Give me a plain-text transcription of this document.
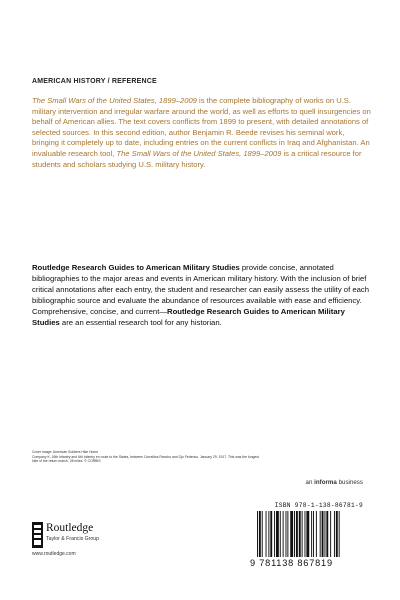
AMERICAN HISTORY / REFERENCE
The Small Wars of the United States, 1899–2009 is the complete bibliography of works on U.S. military intervention and irregular warfare around the world, as well as efforts to quell insurgencies on behalf of American allies. The text covers conflicts from 1899 to present, with detailed annotations of selected sources. In this second edition, author Benjamin R. Beede revises his seminal work, bringing it completely up to date, including entries on the current conflicts in Iraq and Afghanistan. An invaluable research tool, The Small Wars of the United States, 1899–2009 is a critical resource for students and scholars studying U.S. military history.
Routledge Research Guides to American Military Studies provide concise, annotated bibliographies to the major areas and events in American military history. With the inclusion of brief critical annotations after each entry, the student and researcher can easily assess the utility of each bibliographic source and evaluate the abundance of resources available with ease and efficiency. Comprehensive, concise, and current—Routledge Research Guides to American Military Studies are an essential research tool for any historian.
Cover image: American Soldiers Hike Home
Company K, 16th Infantry and 6th Infantry en route to the States, between Corralitos Rancho and Ojo Federico, January 29, 1917. This was the longest
hike of the return march, 28 miles. © CORBIS
an informa business
Routledge
Taylor & Francis Group
www.routledge.com
ISBN 978-1-138-86781-9
9 781138 867819
